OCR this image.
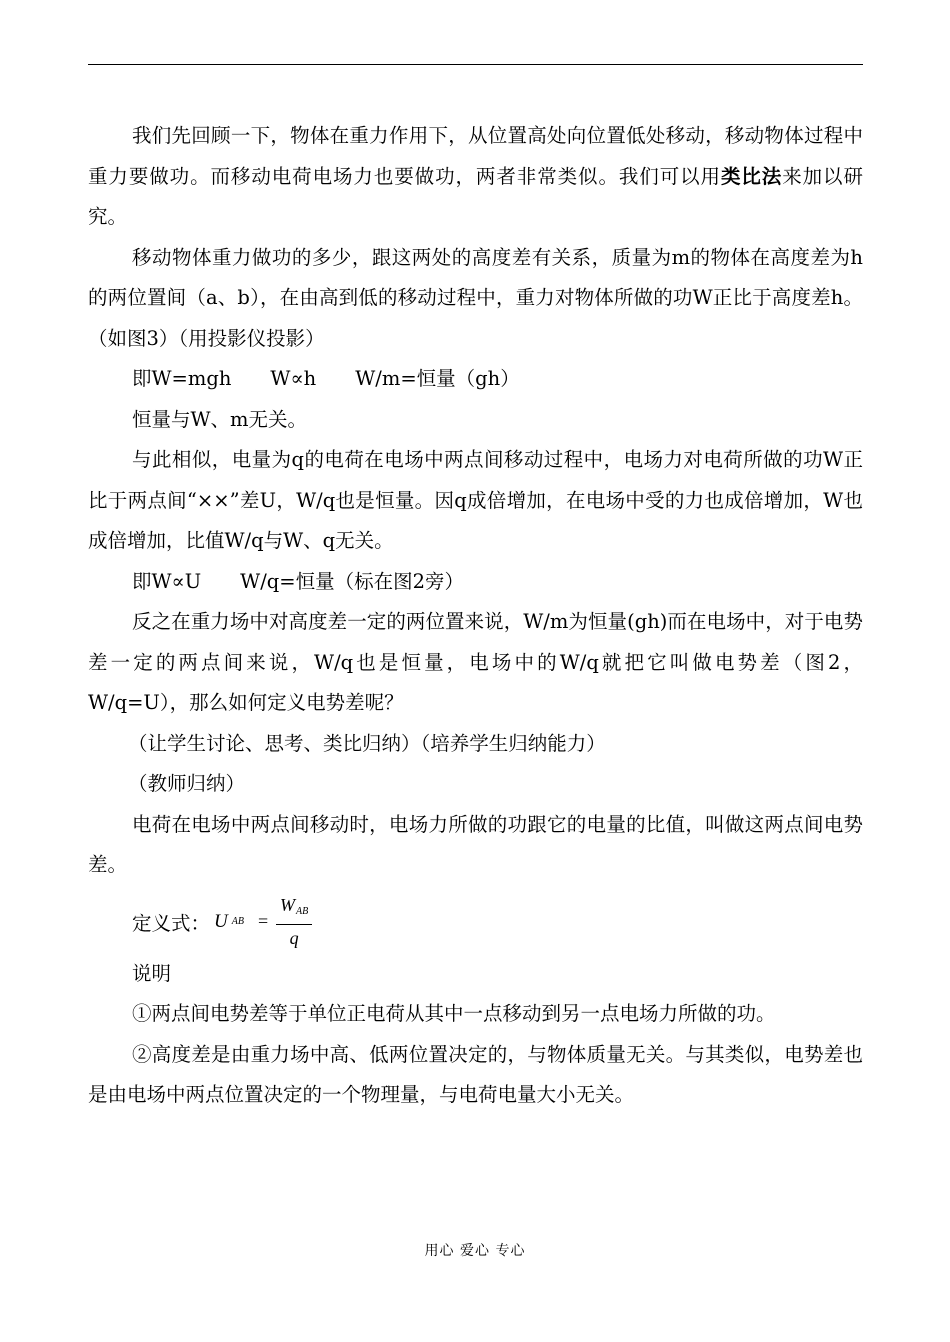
我们先回顾一下，物体在重力作用下，从位置高处向位置低处移动，移动物体过程中重力要做功。而移动电荷电场力也要做功，两者非常类似。我们可以用类比法来加以研究。

移动物体重力做功的多少，跟这两处的高度差有关系，质量为m的物体在高度差为h的两位置间（a、b），在由高到低的移动过程中，重力对物体所做的功W正比于高度差h。（如图3）（用投影仪投影）

即W=mgh　　W∝h　　W/m=恒量（gh）

恒量与W、m无关。

与此相似，电量为q的电荷在电场中两点间移动过程中，电场力对电荷所做的功W正比于两点间“××”差U，W/q也是恒量。因q成倍增加，在电场中受的力也成倍增加，W也成倍增加，比值W/q与W、q无关。

即W∝U　　W/q=恒量（标在图2旁）

反之在重力场中对高度差一定的两位置来说，W/m为恒量(gh)而在电场中，对于电势差一定的两点间来说，W/q也是恒量，电场中的W/q就把它叫做电势差（图2，W/q=U），那么如何定义电势差呢？

（让学生讨论、思考、类比归纳）（培养学生归纳能力）

（教师归纳）

电荷在电场中两点间移动时，电场力所做的功跟它的电量的比值，叫做这两点间电势差。

定义式： U AB = $\frac{W_{AB}}{q}$

说明

①两点间电势差等于单位正电荷从其中一点移动到另一点电场力所做的功。

②高度差是由重力场中高、低两位置决定的，与物体质量无关。与其类似，电势差也是由电场中两点位置决定的一个物理量，与电荷电量大小无关。

用心 爱心 专心
